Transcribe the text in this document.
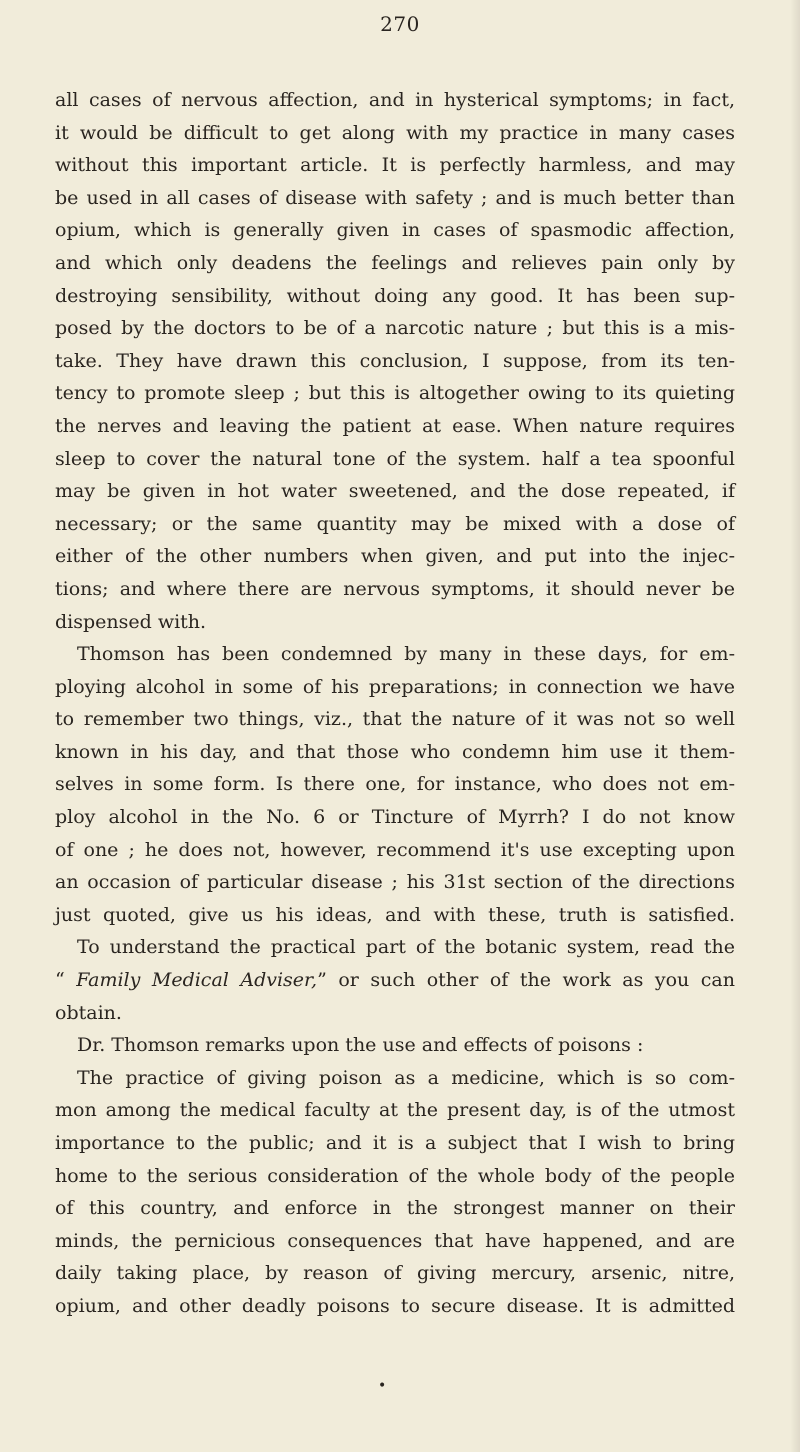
270
all cases of nervous affection, and in hysterical symptoms; in fact,
it would be difficult to get along with my practice in many cases
without this important article. It is perfectly harmless, and may
be used in all cases of disease with safety ; and is much better than
opium, which is generally given in cases of spasmodic affection,
and which only deadens the feelings and relieves pain only by
destroying sensibility, without doing any good. It has been sup-
posed by the doctors to be of a narcotic nature ; but this is a mis-
take. They have drawn this conclusion, I suppose, from its ten-
tency to promote sleep ; but this is altogether owing to its quieting
the nerves and leaving the patient at ease. When nature requires
sleep to cover the natural tone of the system. half a tea spoonful
may be given in hot water sweetened, and the dose repeated, if
necessary; or the same quantity may be mixed with a dose of
either of the other numbers when given, and put into the injec-
tions; and where there are nervous symptoms, it should never be
dispensed with.
Thomson has been condemned by many in these days, for em-
ploying alcohol in some of his preparations; in connection we have
to remember two things, viz., that the nature of it was not so well
known in his day, and that those who condemn him use it them-
selves in some form. Is there one, for instance, who does not em-
ploy alcohol in the No. 6 or Tincture of Myrrh? I do not know
of one ; he does not, however, recommend it's use excepting upon
an occasion of particular disease ; his 31st section of the directions
just quoted, give us his ideas, and with these, truth is satisfied.
To understand the practical part of the botanic system, read the
“ Family Medical Adviser,” or such other of the work as you can
obtain.
Dr. Thomson remarks upon the use and effects of poisons :
The practice of giving poison as a medicine, which is so com-
mon among the medical faculty at the present day, is of the utmost
importance to the public; and it is a subject that I wish to bring
home to the serious consideration of the whole body of the people
of this country, and enforce in the strongest manner on their
minds, the pernicious consequences that have happened, and are
daily taking place, by reason of giving mercury, arsenic, nitre,
opium, and other deadly poisons to secure disease. It is admitted
•
